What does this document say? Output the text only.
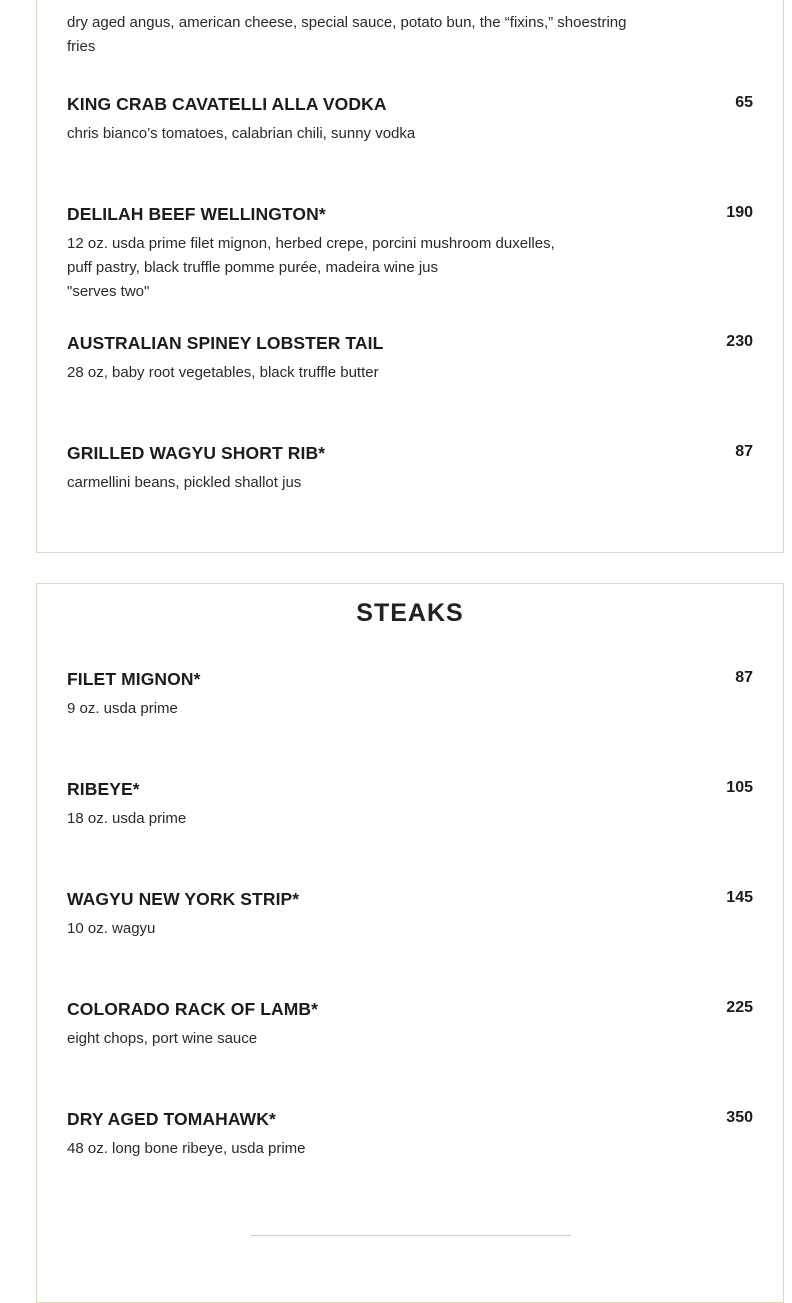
dry aged angus, american cheese, special sauce, potato bun, the “fixins,” shoestring
fries
KING CRAB CAVATELLI ALLA VODKA	65
chris bianco’s tomatoes, calabrian chili, sunny vodka
DELILAH BEEF WELLINGTON*	190
12 oz. usda prime filet mignon, herbed crepe, porcini mushroom duxelles,
puff pastry, black truffle pomme purée, madeira wine jus
"serves two"
AUSTRALIAN SPINEY LOBSTER TAIL	230
28 oz, baby root vegetables, black truffle butter
GRILLED WAGYU SHORT RIB*	87
carmellini beans, pickled shallot jus
STEAKS
FILET MIGNON*	87
9 oz. usda prime
RIBEYE*	105
18 oz. usda prime
WAGYU NEW YORK STRIP*	145
10 oz. wagyu
COLORADO RACK OF LAMB*	225
eight chops, port wine sauce
DRY AGED TOMAHAWK*	350
48 oz. long bone ribeye, usda prime
